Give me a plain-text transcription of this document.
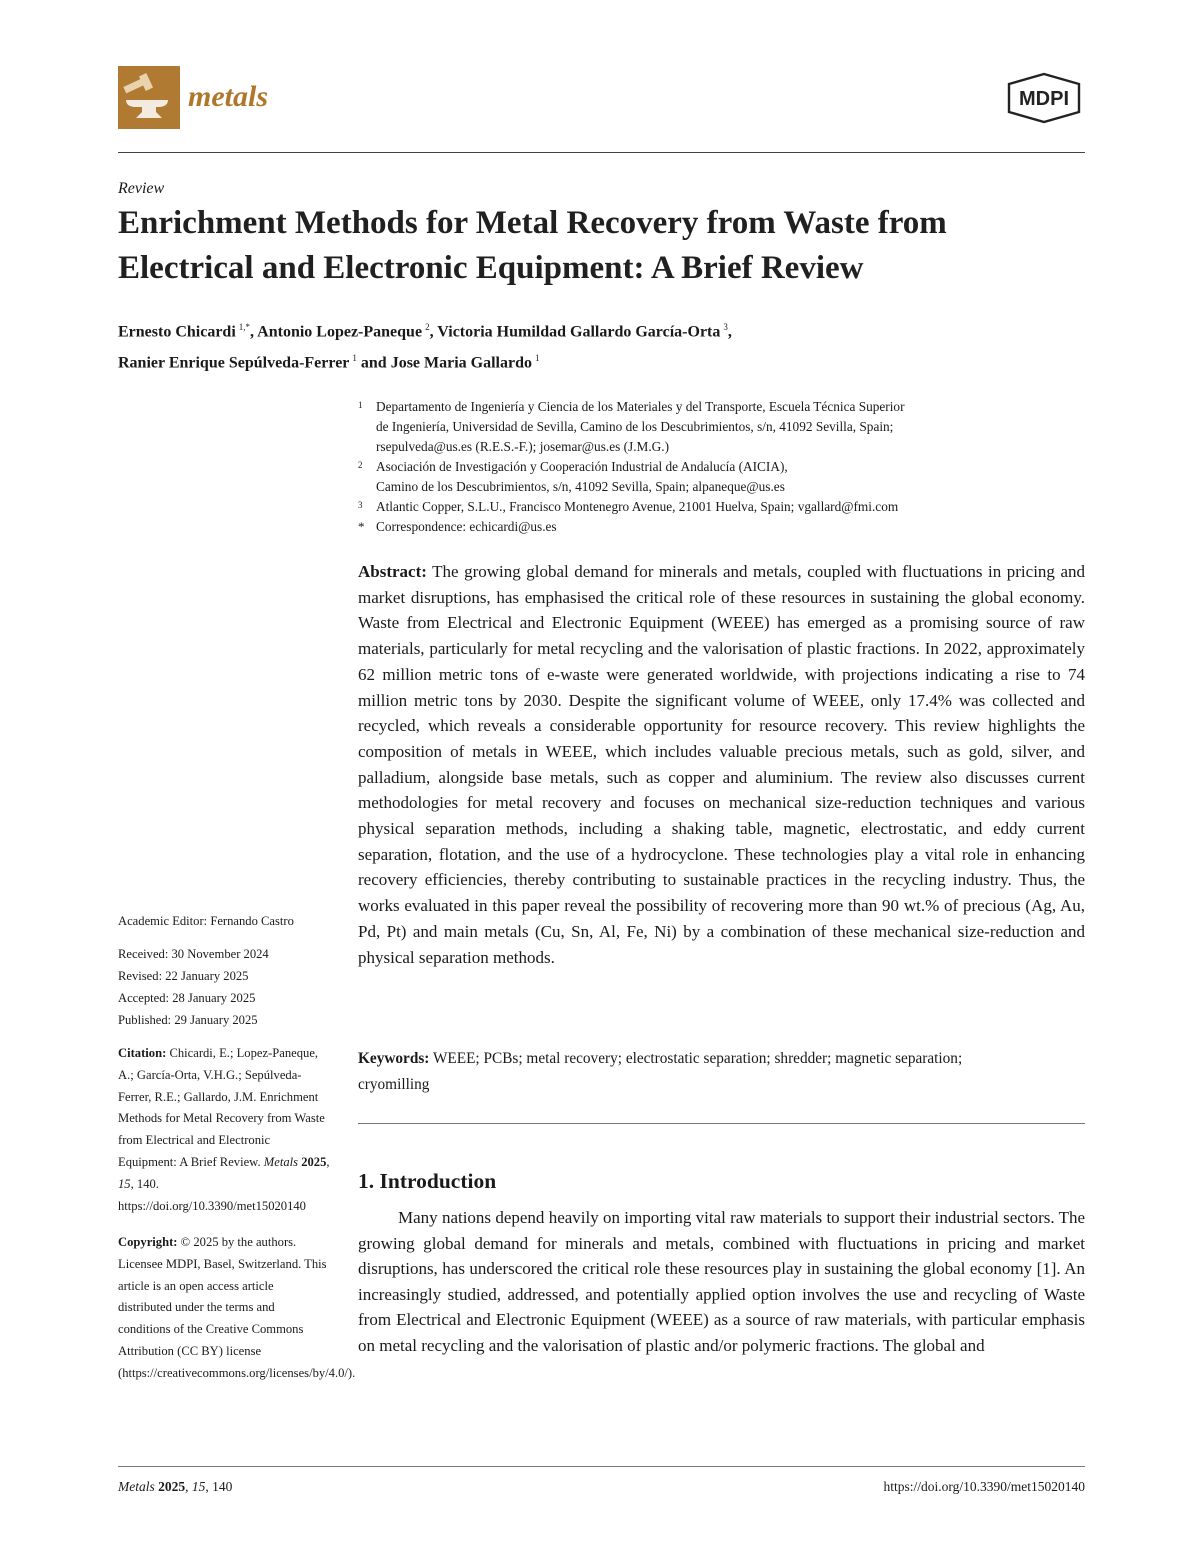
metals	MDPI
Review
Enrichment Methods for Metal Recovery from Waste from Electrical and Electronic Equipment: A Brief Review
Ernesto Chicardi $^{1,*}$, Antonio Lopez-Paneque $^2$, Victoria Humildad Gallardo García-Orta $^3$,
Ranier Enrique Sepúlveda-Ferrer $^1$ and Jose Maria Gallardo $^1$
1	Departamento de Ingeniería y Ciencia de los Materiales y del Transporte, Escuela Técnica Superior
de Ingeniería, Universidad de Sevilla, Camino de los Descubrimientos, s/n, 41092 Sevilla, Spain;
rsepulveda@us.es (R.E.S.-F.); josemar@us.es (J.M.G.)
2	Asociación de Investigación y Cooperación Industrial de Andalucía (AICIA),
Camino de los Descubrimientos, s/n, 41092 Sevilla, Spain; alpaneque@us.es
3	Atlantic Copper, S.L.U., Francisco Montenegro Avenue, 21001 Huelva, Spain; vgallard@fmi.com
* Correspondence: echicardi@us.es

Abstract: The growing global demand for minerals and metals, coupled with fluctuations in pricing and market disruptions, has emphasised the critical role of these resources in sustaining the global economy. Waste from Electrical and Electronic Equipment (WEEE) has emerged as a promising source of raw materials, particularly for metal recycling and the valorisation of plastic fractions. In 2022, approximately 62 million metric tons of e-waste were generated worldwide, with projections indicating a rise to 74 million metric tons by 2030. Despite the significant volume of WEEE, only 17.4% was collected and recycled, which reveals a considerable opportunity for resource recovery. This review highlights the composition of metals in WEEE, which includes valuable precious metals, such as gold, silver, and palladium, alongside base metals, such as copper and aluminium. The review also discusses current methodologies for metal recovery and focuses on mechanical size-reduction techniques and various physical separation methods, including a shaking table, magnetic, electrostatic, and eddy current separation, flotation, and the use of a hydrocyclone. These technologies play a vital role in enhancing recovery efficiencies, thereby contributing to sustainable practices in the recycling industry. Thus, the works evaluated in this paper reveal the possibility of recovering more than 90 wt.% of precious (Ag, Au, Pd, Pt) and main metals (Cu, Sn, Al, Fe, Ni) by a combination of these mechanical size-reduction and physical separation methods.

Keywords: WEEE; PCBs; metal recovery; electrostatic separation; shredder; magnetic separation; cryomilling

1. Introduction

Many nations depend heavily on importing vital raw materials to support their industrial sectors. The growing global demand for minerals and metals, combined with fluctuations in pricing and market disruptions, has underscored the critical role these resources play in sustaining the global economy [1]. An increasingly studied, addressed, and potentially applied option involves the use and recycling of Waste from Electrical and Electronic Equipment (WEEE) as a source of raw materials, with particular emphasis on metal recycling and the valorisation of plastic and/or polymeric fractions. The global and

Academic Editor: Fernando Castro
Received: 30 November 2024
Revised: 22 January 2025
Accepted: 28 January 2025
Published: 29 January 2025
Citation: Chicardi, E.; Lopez-Paneque, A.; García-Orta, V.H.G.; Sepúlveda-Ferrer, R.E.; Gallardo, J.M. Enrichment Methods for Metal Recovery from Waste from Electrical and Electronic Equipment: A Brief Review. Metals 2025, 15, 140. https://doi.org/10.3390/met15020140
Copyright: © 2025 by the authors. Licensee MDPI, Basel, Switzerland. This article is an open access article distributed under the terms and conditions of the Creative Commons Attribution (CC BY) license (https://creativecommons.org/licenses/by/4.0/).
Metals 2025, 15, 140	https://doi.org/10.3390/met15020140
